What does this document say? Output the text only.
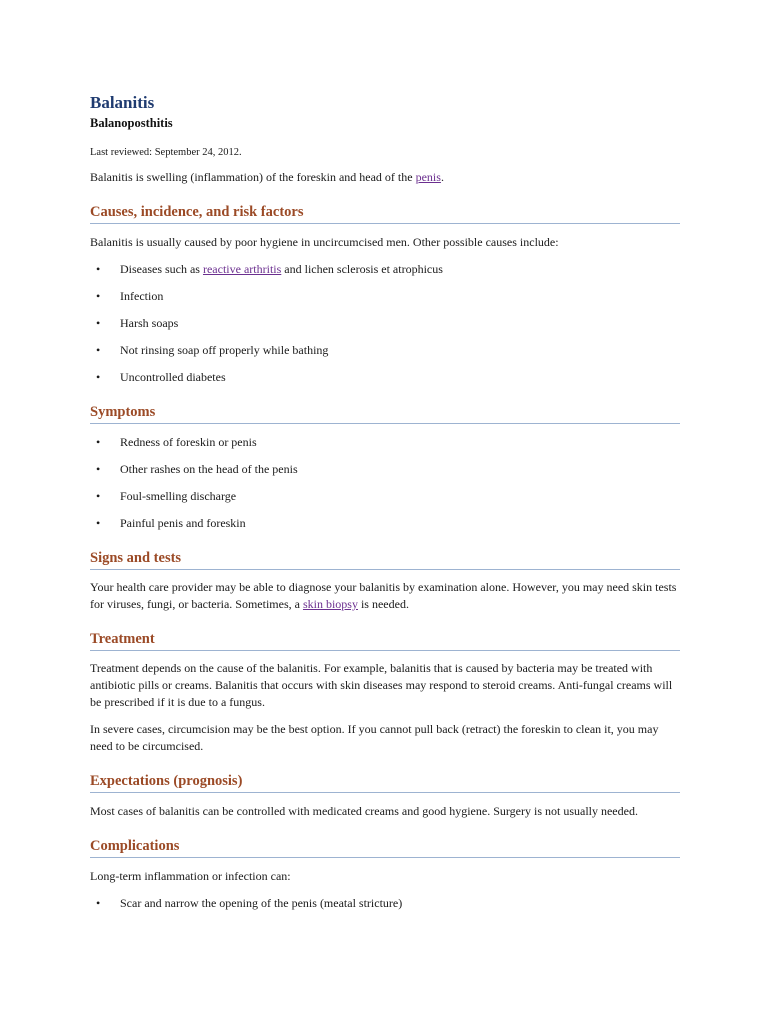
Balanitis
Balanoposthitis

Last reviewed: September 24, 2012.

Balanitis is swelling (inflammation) of the foreskin and head of the penis.

Causes, incidence, and risk factors

Balanitis is usually caused by poor hygiene in uncircumcised men. Other possible causes include:

• Diseases such as reactive arthritis and lichen sclerosis et atrophicus
• Infection
• Harsh soaps
• Not rinsing soap off properly while bathing
• Uncontrolled diabetes
Symptoms
• Redness of foreskin or penis
• Other rashes on the head of the penis
• Foul-smelling discharge
• Painful penis and foreskin
Signs and tests

Your health care provider may be able to diagnose your balanitis by examination alone. However, you may need skin tests for viruses, fungi, or bacteria. Sometimes, a skin biopsy is needed.

Treatment

Treatment depends on the cause of the balanitis. For example, balanitis that is caused by bacteria may be treated with antibiotic pills or creams. Balanitis that occurs with skin diseases may respond to steroid creams. Anti-fungal creams will be prescribed if it is due to a fungus.

In severe cases, circumcision may be the best option. If you cannot pull back (retract) the foreskin to clean it, you may need to be circumcised.

Expectations (prognosis)

Most cases of balanitis can be controlled with medicated creams and good hygiene. Surgery is not usually needed.

Complications

Long-term inflammation or infection can:

• Scar and narrow the opening of the penis (meatal stricture)
